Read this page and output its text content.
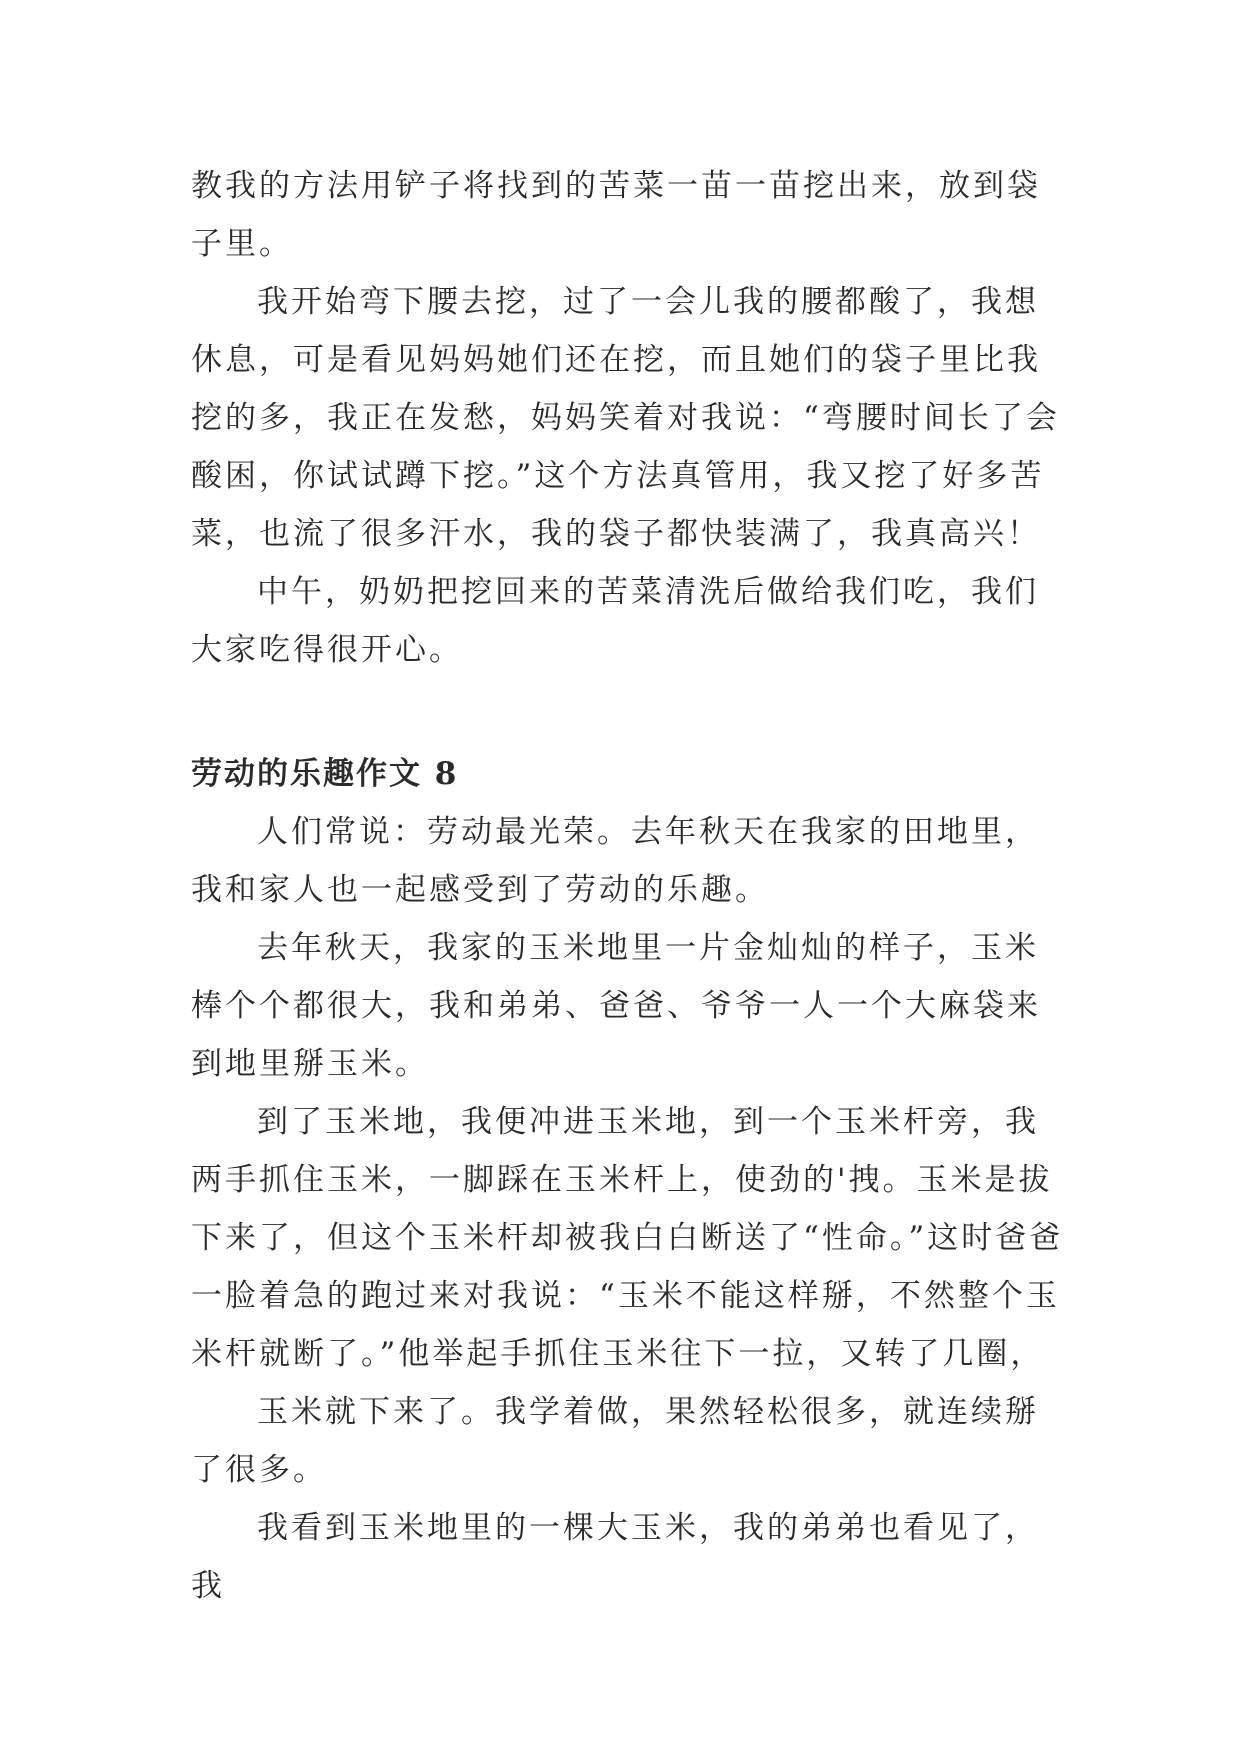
教我的方法用铲子将找到的苦菜一苗一苗挖出来，放到袋子里。

我开始弯下腰去挖，过了一会儿我的腰都酸了，我想休息，可是看见妈妈她们还在挖，而且她们的袋子里比我挖的多，我正在发愁，妈妈笑着对我说：“弯腰时间长了会酸困，你试试蹲下挖。”这个方法真管用，我又挖了好多苦菜，也流了很多汗水，我的袋子都快装满了，我真高兴！

中午，奶奶把挖回来的苦菜清洗后做给我们吃，我们大家吃得很开心。

劳动的乐趣作文 8

人们常说：劳动最光荣。去年秋天在我家的田地里，我和家人也一起感受到了劳动的乐趣。

去年秋天，我家的玉米地里一片金灿灿的样子，玉米棒个个都很大，我和弟弟、爸爸、爷爷一人一个大麻袋来到地里掰玉米。

到了玉米地，我便冲进玉米地，到一个玉米杆旁，我两手抓住玉米，一脚踩在玉米杆上，使劲的'拽。玉米是拔下来了，但这个玉米杆却被我白白断送了“性命。”这时爸爸一脸着急的跑过来对我说：“玉米不能这样掰，不然整个玉米杆就断了。”他举起手抓住玉米往下一拉，又转了几圈，

玉米就下来了。我学着做，果然轻松很多，就连续掰了很多。

我看到玉米地里的一棵大玉米，我的弟弟也看见了，我
